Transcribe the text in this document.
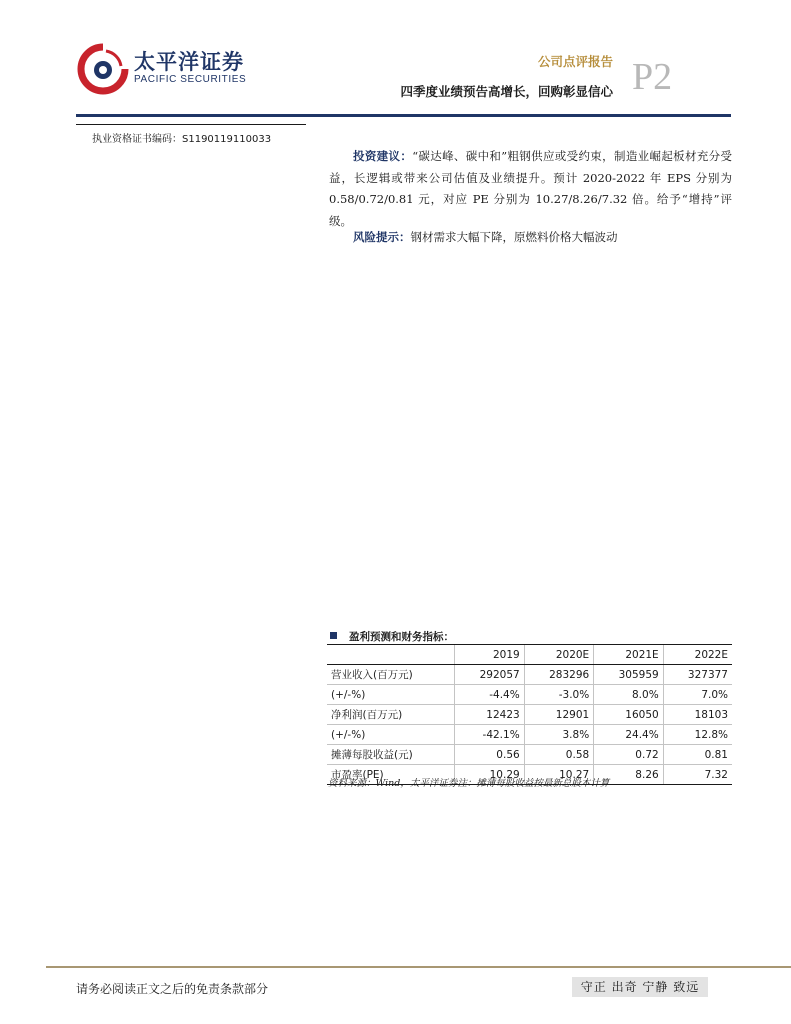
太平洋证券
PACIFIC SECURITIES
公司点评报告
四季度业绩预告高增长，回购彰显信心 P2
执业资格证书编码：S1190119110033
投资建议：“碳达峰、碳中和”粗钢供应或受约束，制造业崛起板材充分受益，长逻辑或带来公司估值及业绩提升。预计 2020-2022 年 EPS 分别为 0.58/0.72/0.81 元，对应 PE 分别为 10.27/8.26/7.32 倍。给予“增持”评级。
风险提示：钢材需求大幅下降，原燃料价格大幅波动
盈利预测和财务指标：
	2019	2020E	2021E	2022E
营业收入(百万元)	292057	283296	305959	327377
(+/-%)	-4.4%	-3.0%	8.0%	7.0%
净利润(百万元)	12423	12901	16050	18103
(+/-%)	-42.1%	3.8%	24.4%	12.8%
摊薄每股收益(元)	0.56	0.58	0.72	0.81
市盈率(PE)	10.29	10.27	8.26	7.32
资料来源：Wind，太平洋证券注：摊薄每股收益按最新总股本计算
请务必阅读正文之后的免责条款部分	守正 出奇 宁静 致远
